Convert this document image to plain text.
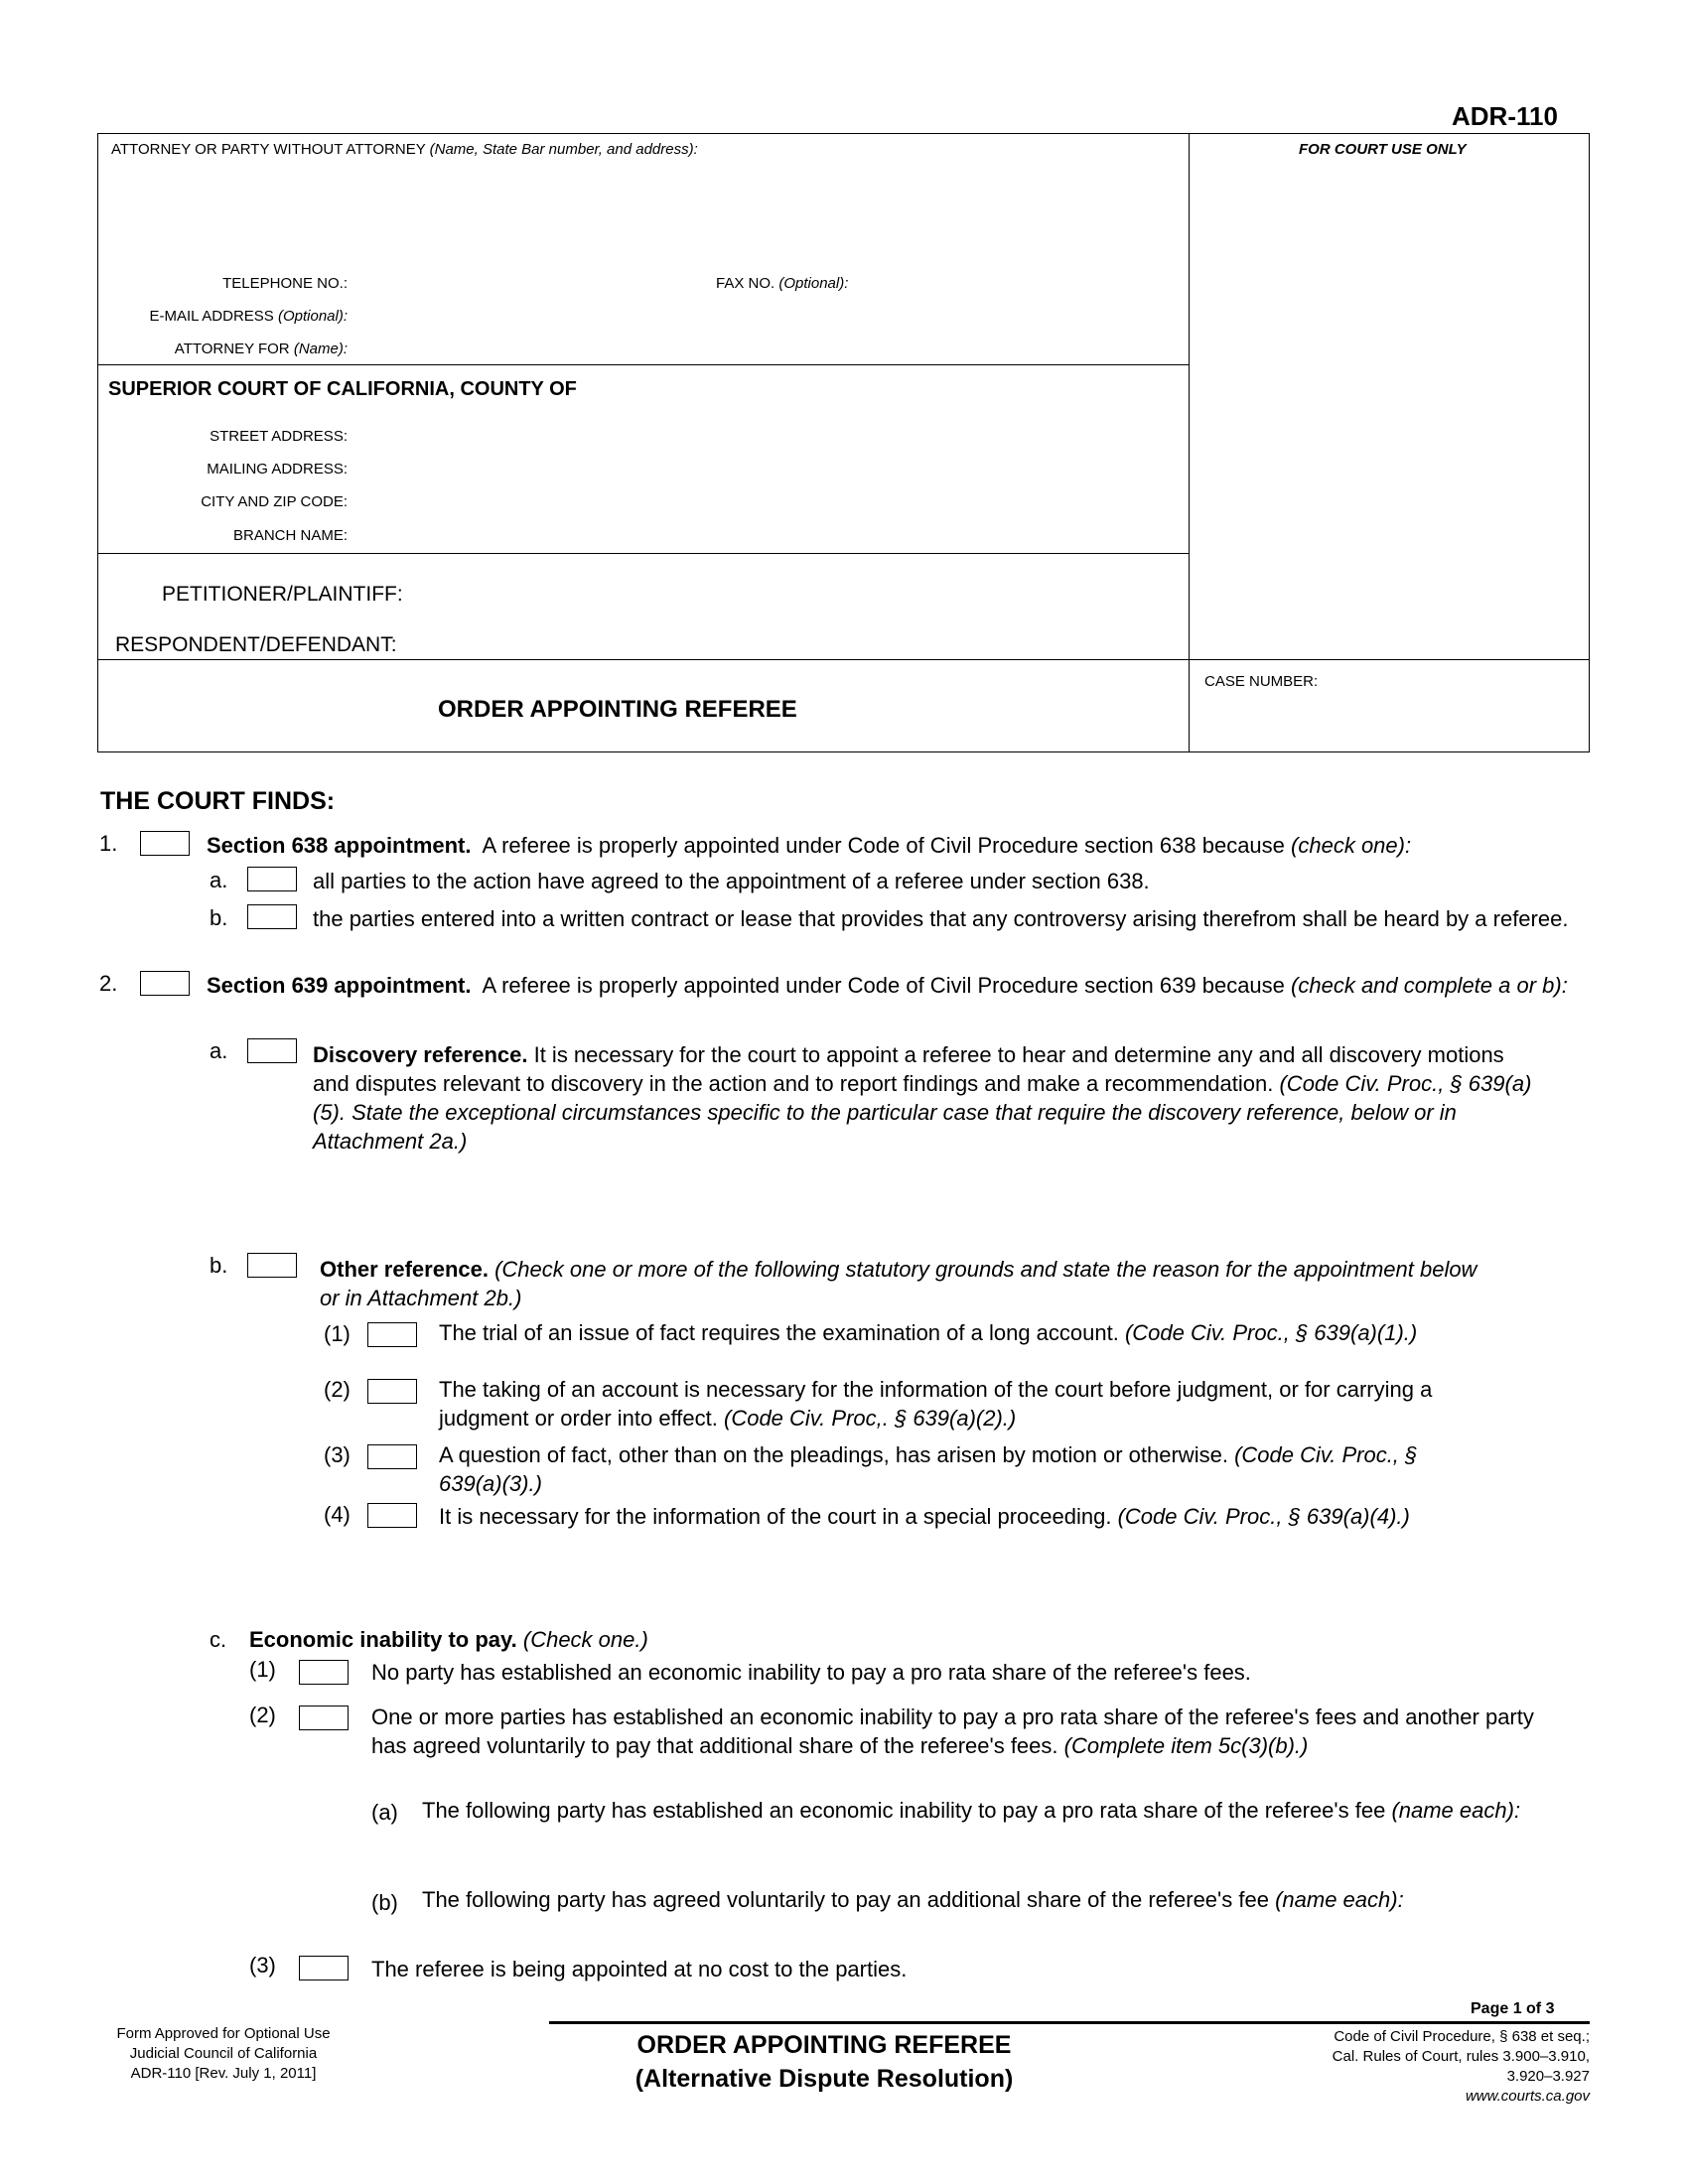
ADR-110
ATTORNEY OR PARTY WITHOUT ATTORNEY (Name, State Bar number, and address):	FOR COURT USE ONLY
TELEPHONE NO.:	FAX NO. (Optional):
E-MAIL ADDRESS (Optional):
ATTORNEY FOR (Name):
SUPERIOR COURT OF CALIFORNIA, COUNTY OF
STREET ADDRESS:
MAILING ADDRESS:
CITY AND ZIP CODE:
BRANCH NAME:
PETITIONER/PLAINTIFF:
RESPONDENT/DEFENDANT:
ORDER APPOINTING REFEREE
CASE NUMBER:
THE COURT FINDS:
1.	Section 638 appointment. A referee is properly appointed under Code of Civil Procedure section 638 because (check one):
a.	all parties to the action have agreed to the appointment of a referee under section 638.
b.	the parties entered into a written contract or lease that provides that any controversy arising therefrom shall be heard by a referee.
2.	Section 639 appointment. A referee is properly appointed under Code of Civil Procedure section 639 because (check and complete a or b):
a.	Discovery reference. It is necessary for the court to appoint a referee to hear and determine any and all discovery motions and disputes relevant to discovery in the action and to report findings and make a recommendation. (Code Civ. Proc., § 639(a)(5). State the exceptional circumstances specific to the particular case that require the discovery reference, below or in Attachment 2a.)
b.	Other reference. (Check one or more of the following statutory grounds and state the reason for the appointment below or in Attachment 2b.)
(1)	The trial of an issue of fact requires the examination of a long account. (Code Civ. Proc., § 639(a)(1).)
(2)	The taking of an account is necessary for the information of the court before judgment, or for carrying a judgment or order into effect. (Code Civ. Proc,. § 639(a)(2).)
(3)	A question of fact, other than on the pleadings, has arisen by motion or otherwise. (Code Civ. Proc., § 639(a)(3).)
(4)	It is necessary for the information of the court in a special proceeding. (Code Civ. Proc., § 639(a)(4).)
c. Economic inability to pay. (Check one.)
(1)	No party has established an economic inability to pay a pro rata share of the referee's fees.
(2)	One or more parties has established an economic inability to pay a pro rata share of the referee's fees and another party has agreed voluntarily to pay that additional share of the referee's fees. (Complete item 5c(3)(b).)
(a) The following party has established an economic inability to pay a pro rata share of the referee's fee (name each):
(b) The following party has agreed voluntarily to pay an additional share of the referee's fee (name each):
(3)	The referee is being appointed at no cost to the parties.
Page 1 of 3
Form Approved for Optional Use
Judicial Council of California
ADR-110 [Rev. July 1, 2011]
ORDER APPOINTING REFEREE
(Alternative Dispute Resolution)
Code of Civil Procedure, § 638 et seq.;
Cal. Rules of Court, rules 3.900–3.910,
3.920–3.927
www.courts.ca.gov
